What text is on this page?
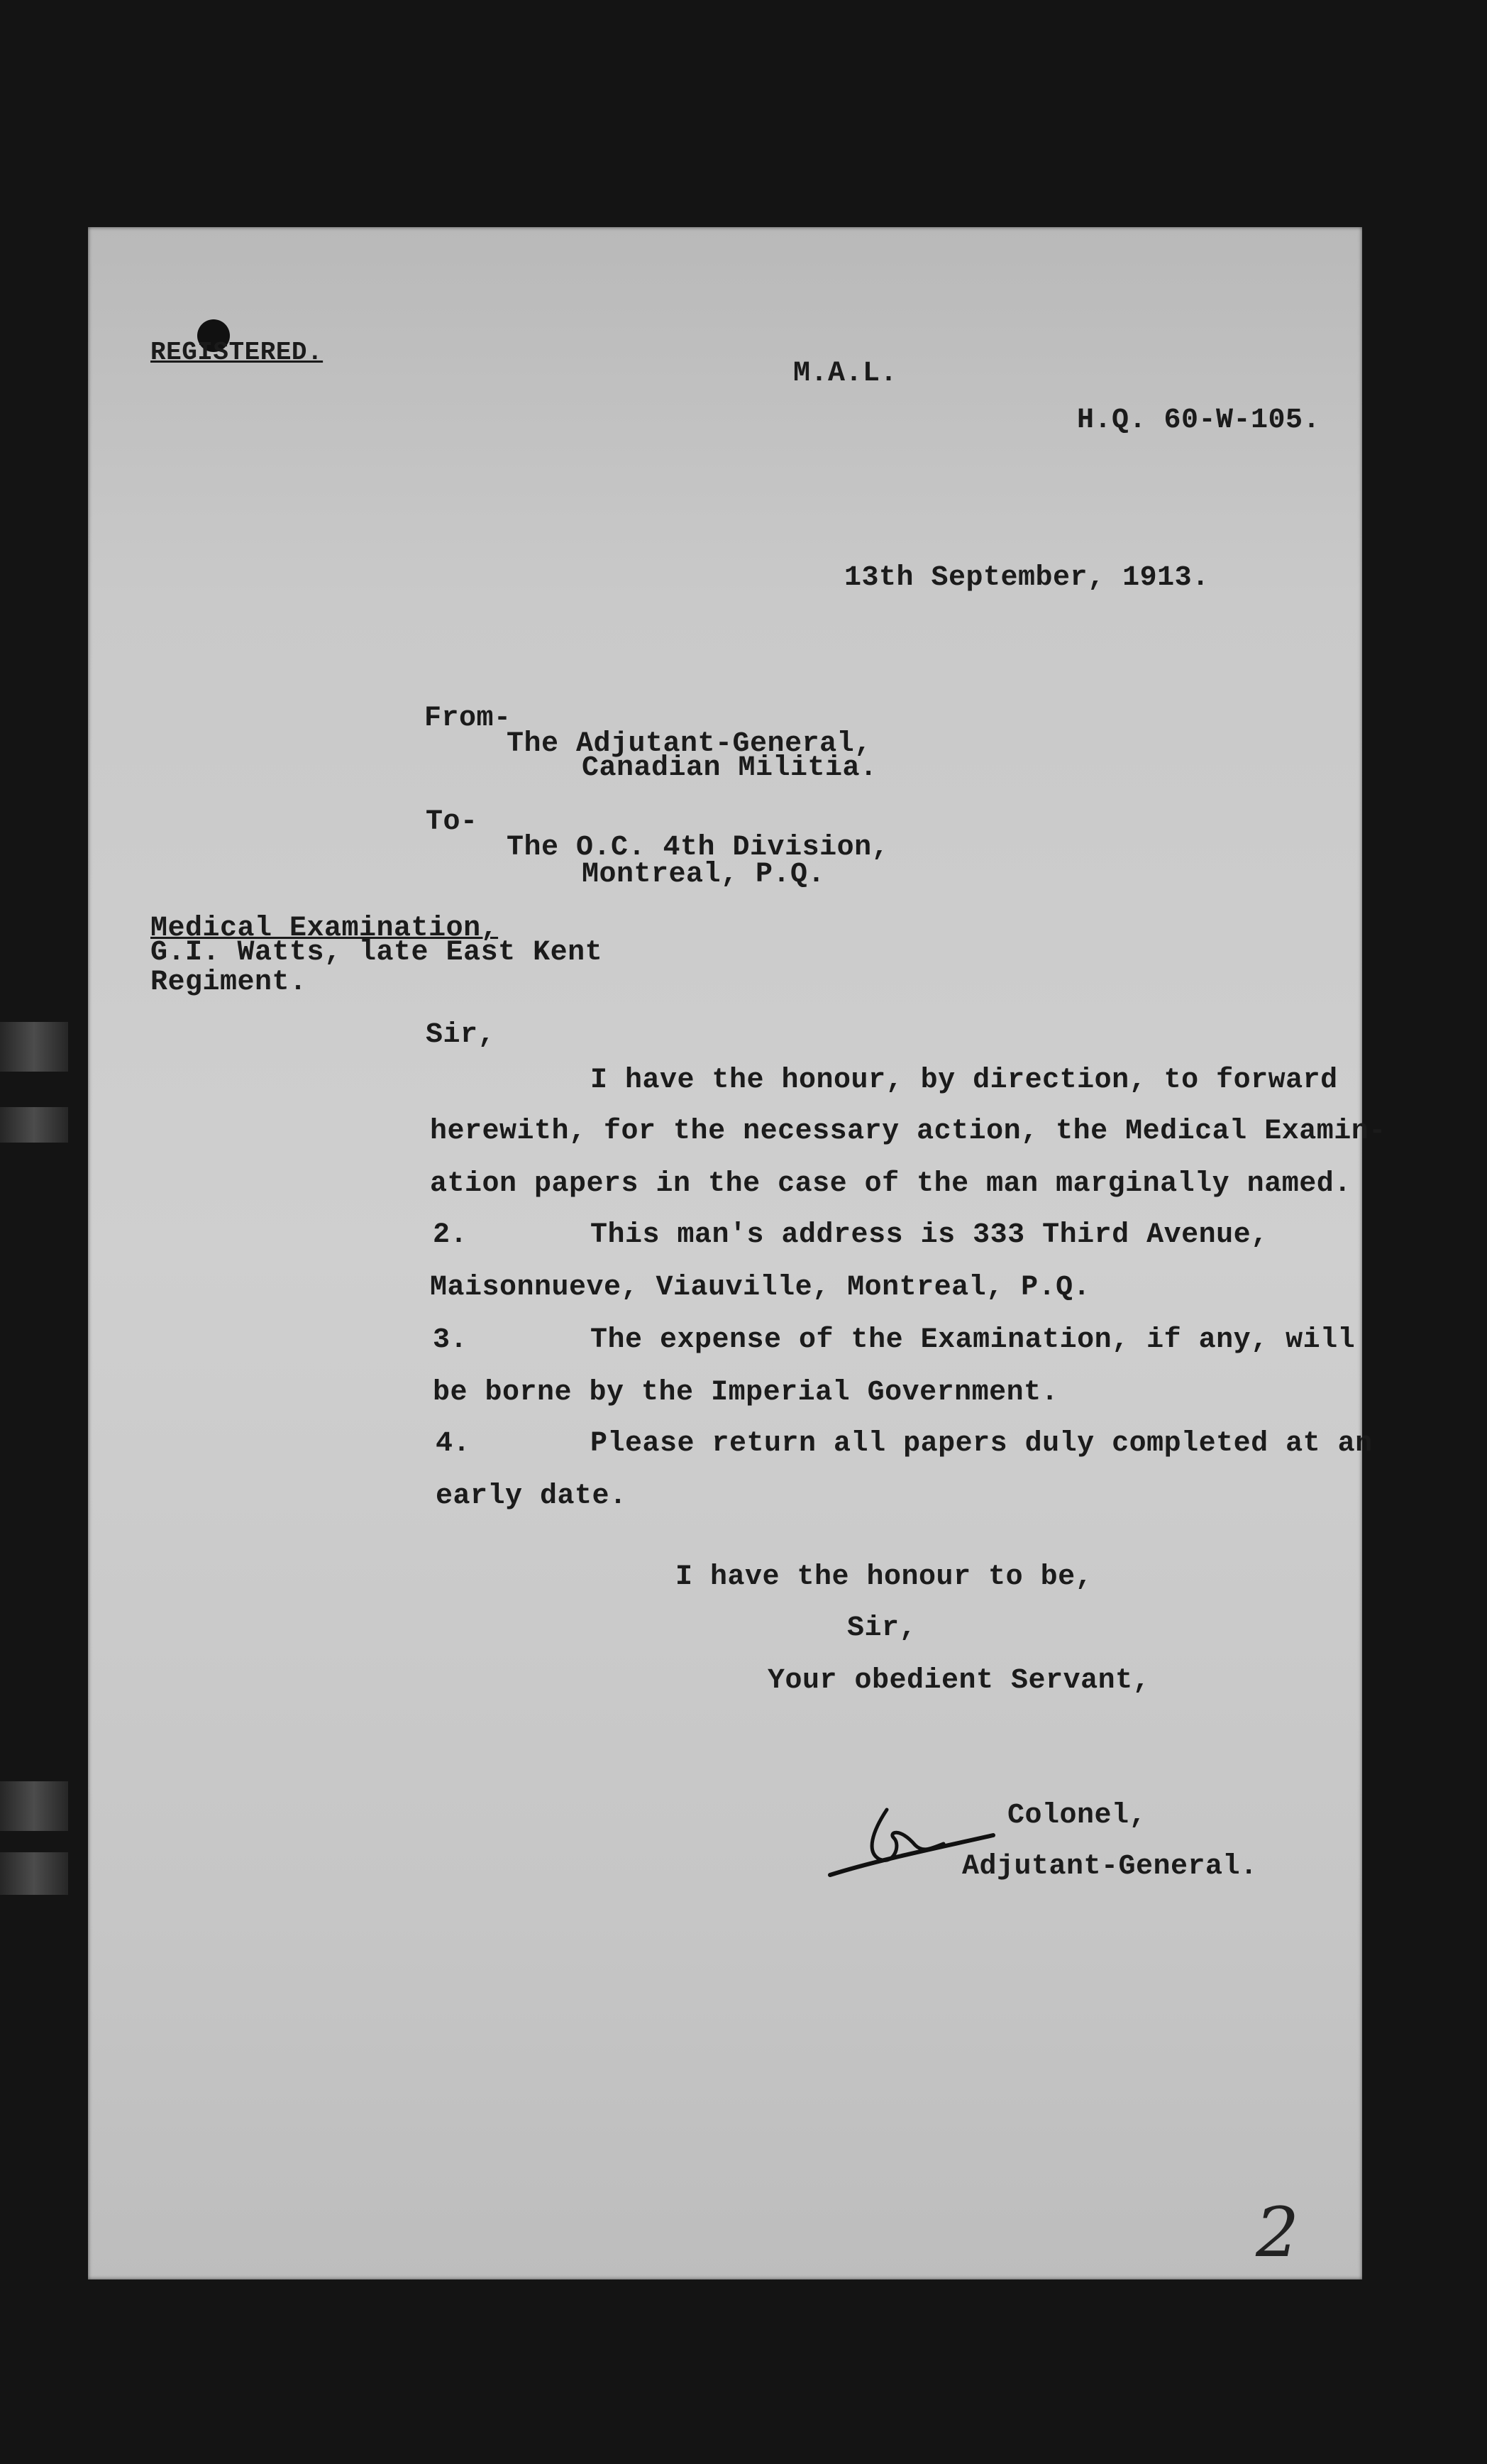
REGISTERED.
M.A.L.
H.Q. 60-W-105.
13th September, 1913.
From-
The Adjutant-General,
Canadian Militia.
To-
The O.C. 4th Division,
Montreal, P.Q.
Medical Examination,
G.I. Watts, late East Kent
Regiment.
Sir,
I have the honour, by direction, to forward
herewith, for the necessary action, the Medical Examin-
ation papers in the case of the man marginally named.
2.	This man's address is 333 Third Avenue,
Maisonnueve, Viauville, Montreal, P.Q.
3.	The expense of the Examination, if any, will
be borne by the Imperial Government.
4.	Please return all papers duly completed at an
early date.
I have the honour to be,
Sir,
Your obedient Servant,
Colonel,
Adjutant-General.
2
